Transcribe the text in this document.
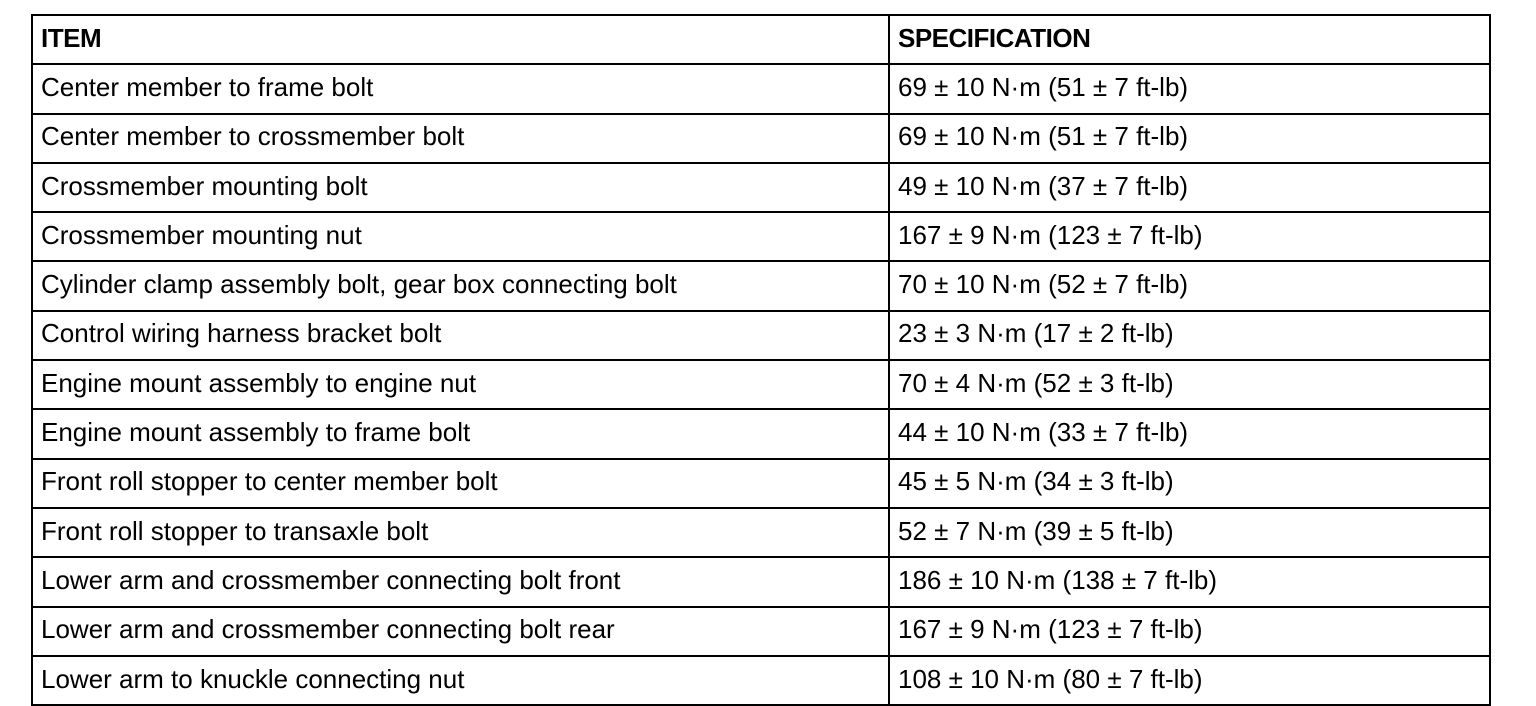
ITEM	SPECIFICATION
Center member to frame bolt	69 ± 10 N·m (51 ± 7 ft-lb)
Center member to crossmember bolt	69 ± 10 N·m (51 ± 7 ft-lb)
Crossmember mounting bolt	49 ± 10 N·m (37 ± 7 ft-lb)
Crossmember mounting nut	167 ± 9 N·m (123 ± 7 ft-lb)
Cylinder clamp assembly bolt, gear box connecting bolt	70 ± 10 N·m (52 ± 7 ft-lb)
Control wiring harness bracket bolt	23 ± 3 N·m (17 ± 2 ft-lb)
Engine mount assembly to engine nut	70 ± 4 N·m (52 ± 3 ft-lb)
Engine mount assembly to frame bolt	44 ± 10 N·m (33 ± 7 ft-lb)
Front roll stopper to center member bolt	45 ± 5 N·m (34 ± 3 ft-lb)
Front roll stopper to transaxle bolt	52 ± 7 N·m (39 ± 5 ft-lb)
Lower arm and crossmember connecting bolt front	186 ± 10 N·m (138 ± 7 ft-lb)
Lower arm and crossmember connecting bolt rear	167 ± 9 N·m (123 ± 7 ft-lb)
Lower arm to knuckle connecting nut	108 ± 10 N·m (80 ± 7 ft-lb)
